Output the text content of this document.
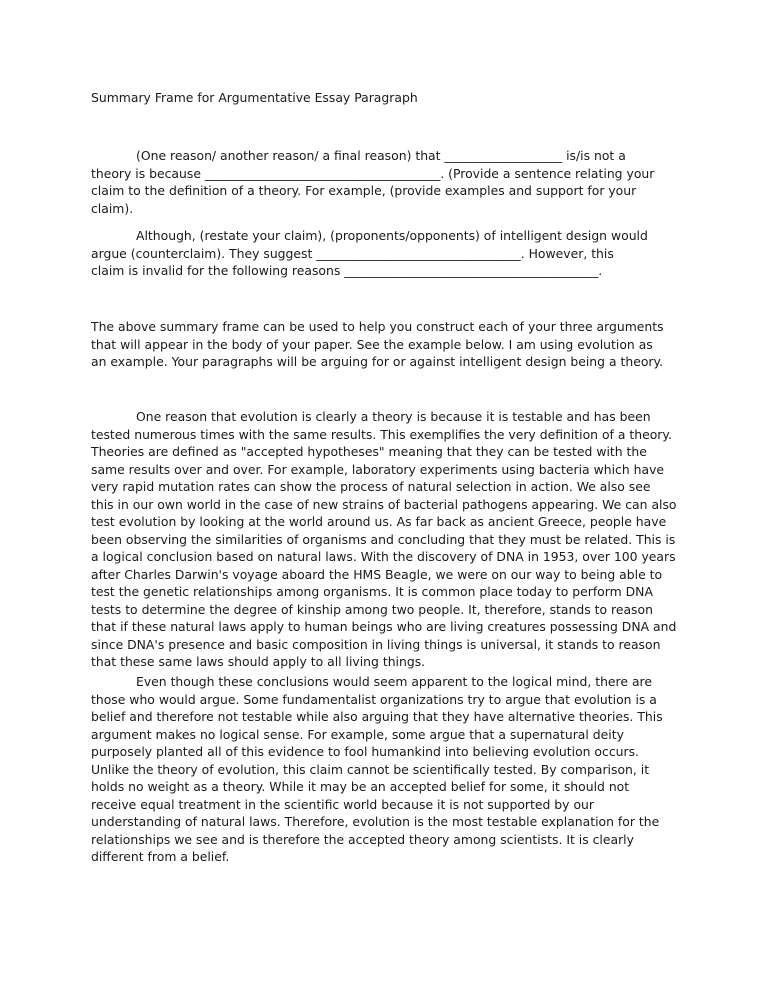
Summary Frame for Argumentative Essay Paragraph

(One reason/ another reason/ a final reason) that ___________________ is/is not a
theory is because ______________________________________. (Provide a sentence relating your
claim to the definition of a theory. For example, (provide examples and support for your
claim).

Although, (restate your claim), (proponents/opponents) of intelligent design would
argue (counterclaim). They suggest _________________________________. However, this
claim is invalid for the following reasons _________________________________________.

The above summary frame can be used to help you construct each of your three arguments
that will appear in the body of your paper. See the example below. I am using evolution as
an example. Your paragraphs will be arguing for or against intelligent design being a theory.

One reason that evolution is clearly a theory is because it is testable and has been
tested numerous times with the same results. This exemplifies the very definition of a theory.
Theories are defined as "accepted hypotheses" meaning that they can be tested with the
same results over and over. For example, laboratory experiments using bacteria which have
very rapid mutation rates can show the process of natural selection in action. We also see
this in our own world in the case of new strains of bacterial pathogens appearing. We can also
test evolution by looking at the world around us. As far back as ancient Greece, people have
been observing the similarities of organisms and concluding that they must be related. This is
a logical conclusion based on natural laws. With the discovery of DNA in 1953, over 100 years
after Charles Darwin's voyage aboard the HMS Beagle, we were on our way to being able to
test the genetic relationships among organisms. It is common place today to perform DNA
tests to determine the degree of kinship among two people. It, therefore, stands to reason
that if these natural laws apply to human beings who are living creatures possessing DNA and
since DNA's presence and basic composition in living things is universal, it stands to reason
that these same laws should apply to all living things.

Even though these conclusions would seem apparent to the logical mind, there are
those who would argue. Some fundamentalist organizations try to argue that evolution is a
belief and therefore not testable while also arguing that they have alternative theories. This
argument makes no logical sense. For example, some argue that a supernatural deity
purposely planted all of this evidence to fool humankind into believing evolution occurs.
Unlike the theory of evolution, this claim cannot be scientifically tested. By comparison, it
holds no weight as a theory. While it may be an accepted belief for some, it should not
receive equal treatment in the scientific world because it is not supported by our
understanding of natural laws. Therefore, evolution is the most testable explanation for the
relationships we see and is therefore the accepted theory among scientists. It is clearly
different from a belief.
